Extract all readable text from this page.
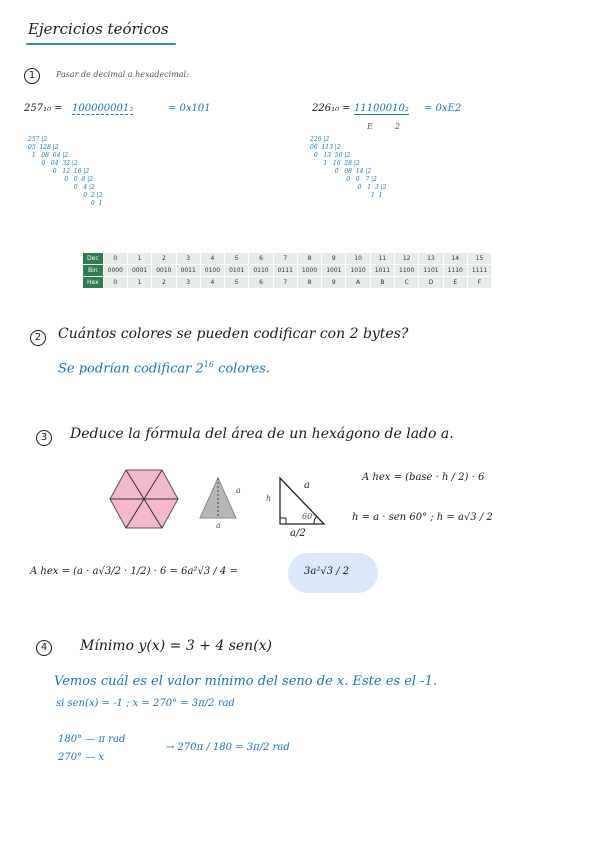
Ejercicios teóricos
1	Pasar de decimal a hexadecimal:
257₁₀ = 100000001₂	= 0x101	226₁₀ = 11100010₂ = 0xE2
E	2
257 |2
05  128 |2
1   08  64 |2
0   04  32 |2
0   12  16 |2
0   0  8 |2
0   4 |2
0  2 |2
0  1
226 |2
06  113 |2
0   13  56 |2
1   16  28 |2
0   08  14 |2
0   0   7 |2
0   1  3 |2
1  1
Dec	0	1	2	3	4	5	6	7	8	9	10	11	12	13	14	15
Bin	0000	0001	0010	0011	0100	0101	0110	0111	1000	1001	1010	1011	1100	1101	1110	1111
Hex	0	1	2	3	4	5	6	7	8	9	A	B	C	D	E	F
2	Cuántos colores se pueden codificar con 2 bytes?
Se podrían codificar $2^{16}$ colores.
3	Deduce la fórmula del área de un hexágono de lado a.
a
a
h
a
60°
a/2
A hex = (base · h / 2) · 6
h = a · sen 60° ; h = a√3 / 2
A hex = (a · a√3/2 · 1/2) · 6 = 6a²√3 / 4 =	3a²√3 / 2
4	Mínimo y(x) = 3 + 4 sen(x)
Vemos cuál es el valor mínimo del seno de x. Este es el -1.
si sen(x) = -1 ; x = 270° = 3π/2 rad
180° — π rad
270° — x
→ 270π / 180 = 3π/2 rad
